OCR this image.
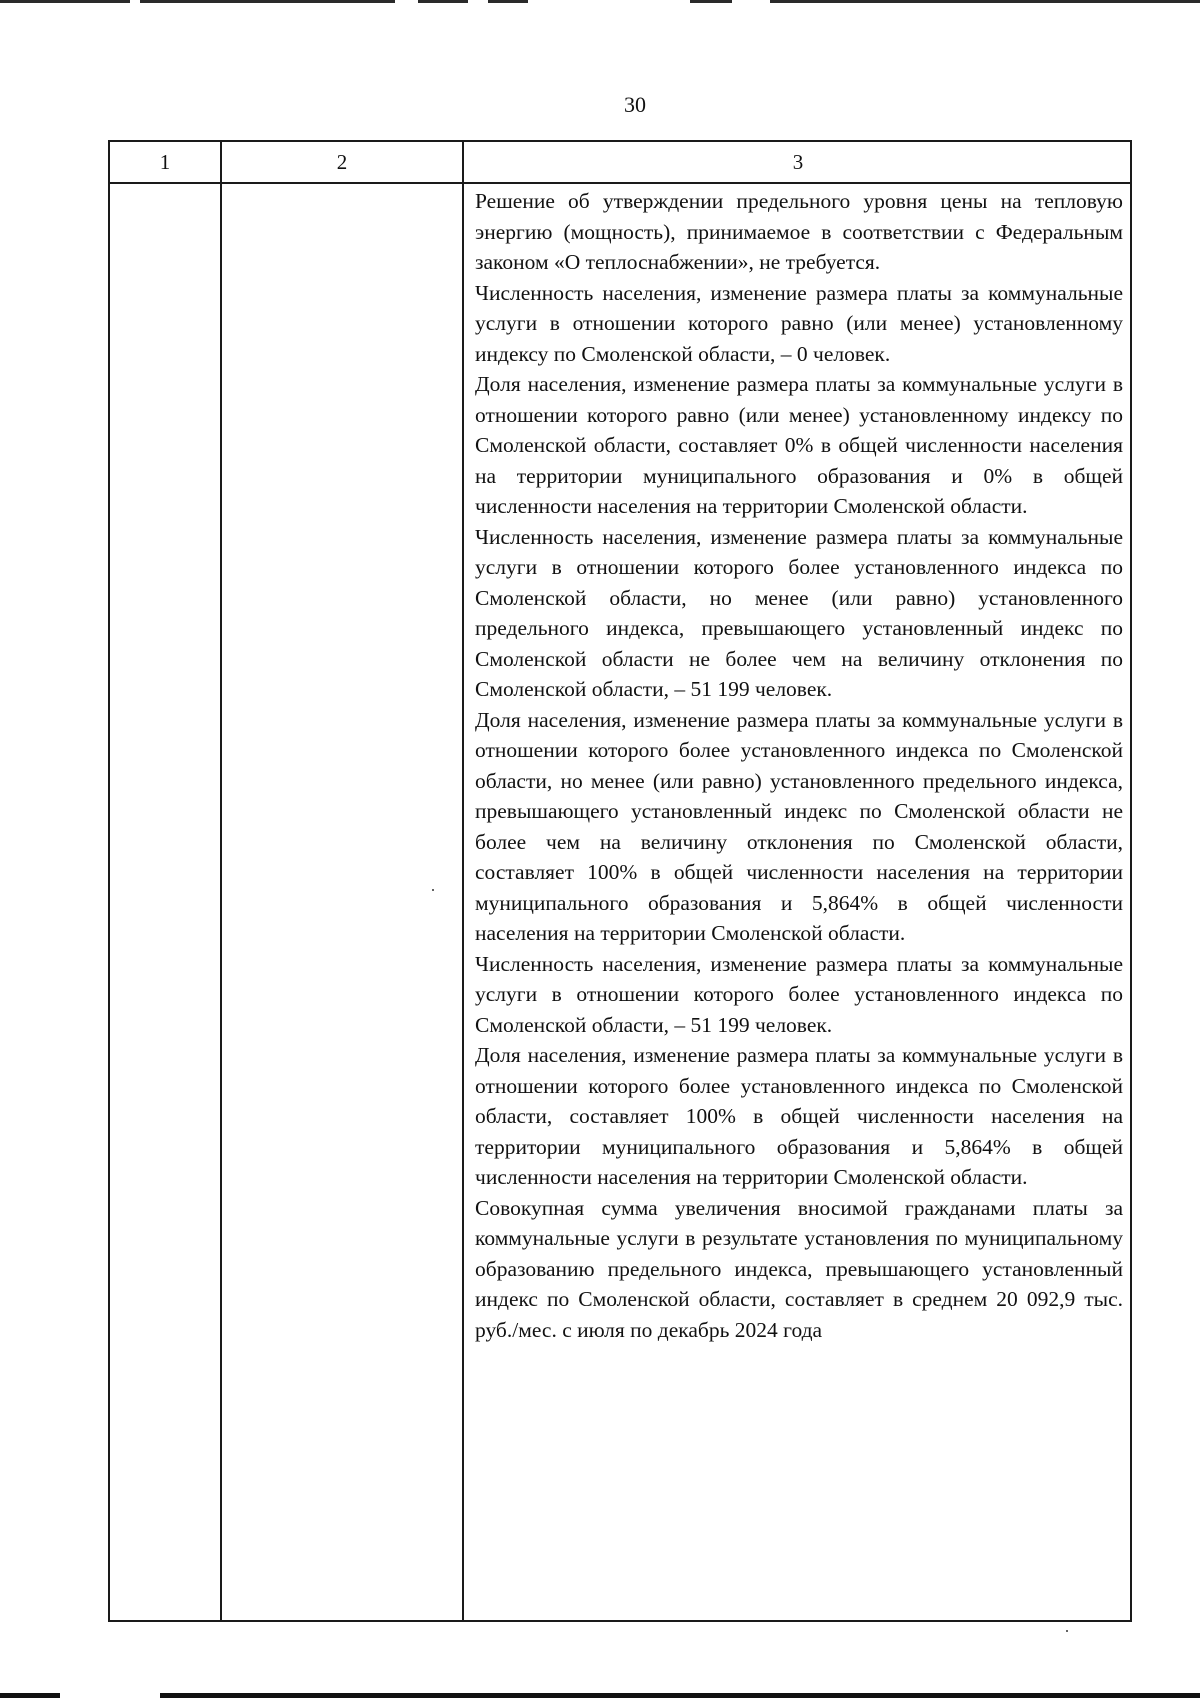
30
1	2	3

Решение об утверждении предельного уровня цены на тепловую энергию (мощность), принимаемое в соответствии с Федеральным законом «О теплоснабжении», не требуется.

Численность населения, изменение размера платы за коммунальные услуги в отношении которого равно (или менее) установленному индексу по Смоленской области, – 0 человек.

Доля населения, изменение размера платы за коммунальные услуги в отношении которого равно (или менее) установленному индексу по Смоленской области, составляет 0% в общей численности населения на территории муниципального образования и 0% в общей численности населения на территории Смоленской области.

Численность населения, изменение размера платы за коммунальные услуги в отношении которого более установленного индекса по Смоленской области, но менее (или равно) установленного предельного индекса, превышающего установленный индекс по Смоленской области не более чем на величину отклонения по Смоленской области, – 51 199 человек.

Доля населения, изменение размера платы за коммунальные услуги в отношении которого более установленного индекса по Смоленской области, но менее (или равно) установленного предельного индекса, превышающего установленный индекс по Смоленской области не более чем на величину отклонения по Смоленской области, составляет 100% в общей численности населения на территории муниципального образования и 5,864% в общей численности населения на территории Смоленской области.

Численность населения, изменение размера платы за коммунальные услуги в отношении которого более установленного индекса по Смоленской области, – 51 199 человек.

Доля населения, изменение размера платы за коммунальные услуги в отношении которого более установленного индекса по Смоленской области, составляет 100% в общей численности населения на территории муниципального образования и 5,864% в общей численности населения на территории Смоленской области.

Совокупная сумма увеличения вносимой гражданами платы за коммунальные услуги в результате установления по муниципальному образованию предельного индекса, превышающего установленный индекс по Смоленской области, составляет в среднем 20 092,9 тыс. руб./мес. с июля по декабрь 2024 года
